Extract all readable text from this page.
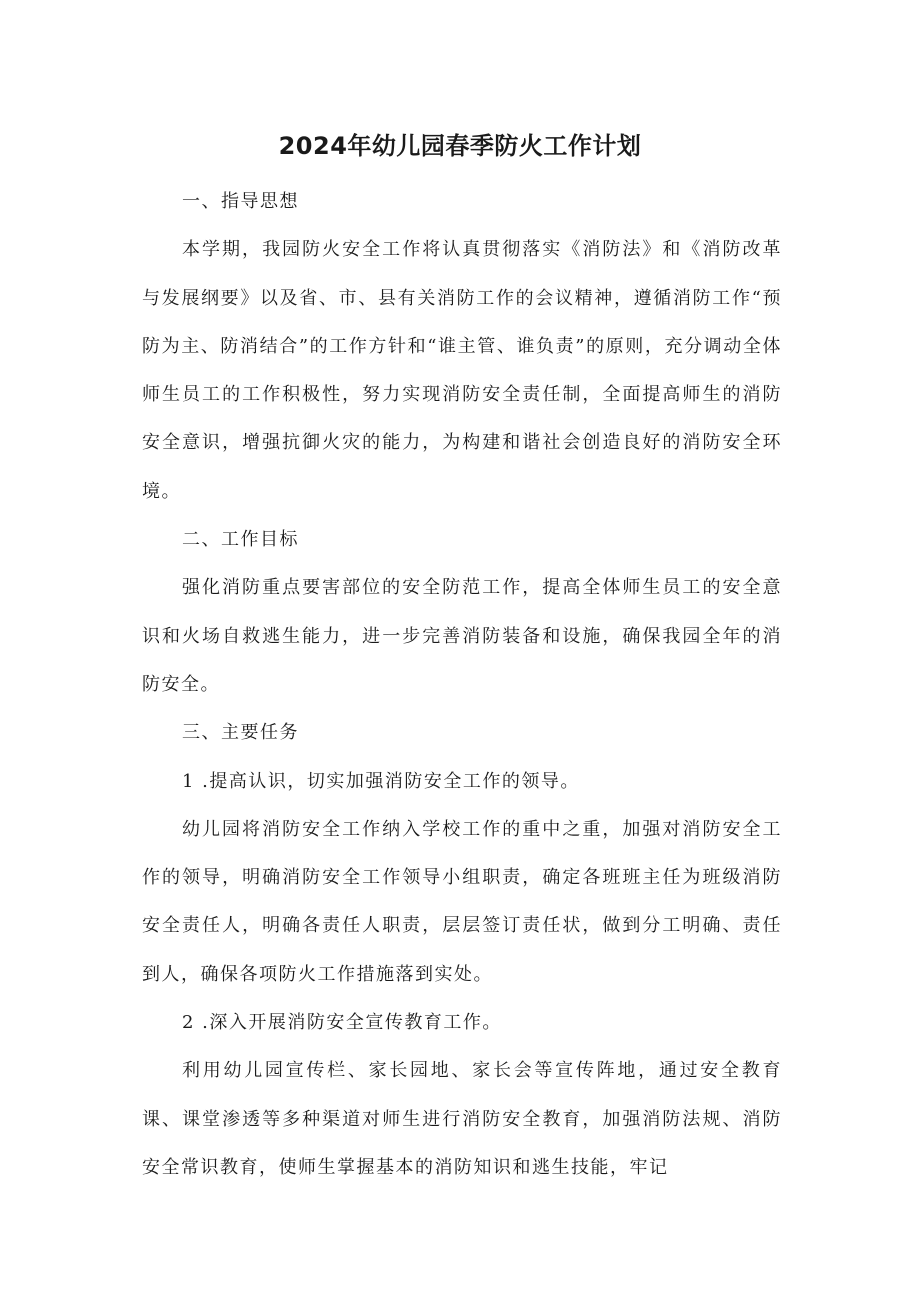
2024年幼儿园春季防火工作计划

一、指导思想

本学期，我园防火安全工作将认真贯彻落实《消防法》和《消防改革与发展纲要》以及省、市、县有关消防工作的会议精神，遵循消防工作“预防为主、防消结合”的工作方针和“谁主管、谁负责”的原则，充分调动全体师生员工的工作积极性，努力实现消防安全责任制，全面提高师生的消防安全意识，增强抗御火灾的能力，为构建和谐社会创造良好的消防安全环境。

二、工作目标

强化消防重点要害部位的安全防范工作，提高全体师生员工的安全意识和火场自救逃生能力，进一步完善消防装备和设施，确保我园全年的消防安全。

三、主要任务

1 .提高认识，切实加强消防安全工作的领导。

幼儿园将消防安全工作纳入学校工作的重中之重，加强对消防安全工作的领导，明确消防安全工作领导小组职责，确定各班班主任为班级消防安全责任人，明确各责任人职责，层层签订责任状，做到分工明确、责任到人，确保各项防火工作措施落到实处。

2 .深入开展消防安全宣传教育工作。

利用幼儿园宣传栏、家长园地、家长会等宣传阵地，通过安全教育课、课堂渗透等多种渠道对师生进行消防安全教育，加强消防法规、消防安全常识教育，使师生掌握基本的消防知识和逃生技能，牢记
